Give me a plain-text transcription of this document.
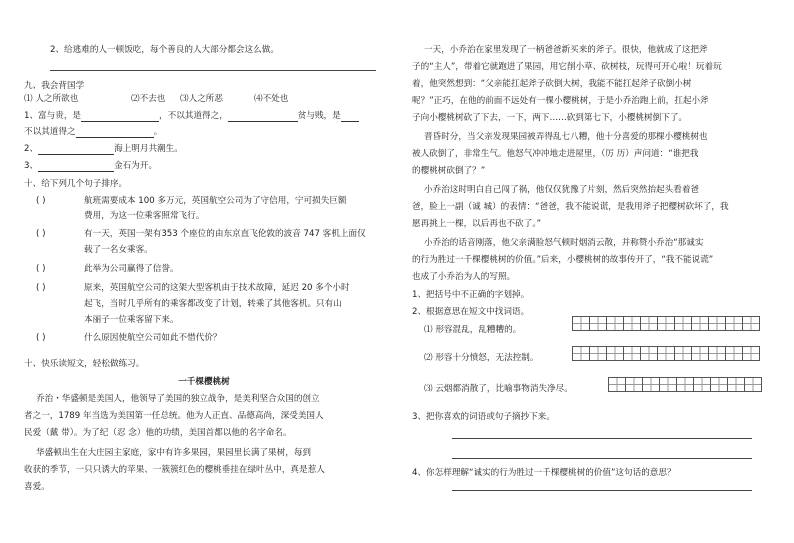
2、给逃难的人一顿饭吃，每个善良的人大部分都会这么做。
九、我会背国学
⑴ 人之所欲也	⑵不去也 ⑶人之所恶	⑷不处也
1、富与贵，是	，不以其道得之，	贫与贱，是
不以其道得之	。
2、	海上明月共潮生。
3、	金石为开。
十、给下列几个句子排序。
( )	航班需要成本 100 多万元，英国航空公司为了守信用，宁可损失巨额
费用，为这一位乘客照常飞行。
( )	有一天，英国一架有353 个座位的由东京直飞伦敦的波音 747 客机上面仅
载了一名女乘客。
( )	此举为公司赢得了信誉。
( )	原来，英国航空公司的这架大型客机由于技术故障，延迟 20 多个小时
起飞，当时几乎所有的乘客都改变了计划，转乘了其他客机。只有山
本丽子一位乘客留下来。
( )	什么原因使航空公司如此不惜代价？
十、快乐读短文，轻松做练习。
一千棵樱桃树
乔治・华盛顿是美国人，他领导了美国的独立战争，是美利坚合众国的创立
者之一，1789 年当选为美国第一任总统。他为人正直、品德高尚，深受美国人
民爱（戴 带）。为了纪（忍 念）他的功绩，美国首都以他的名字命名。
华盛顿出生在大庄园主家庭，家中有许多果园，果园里长满了果树，每到
收获的季节，一只只诱大的苹果、一簇簇红色的樱桃垂挂在绿叶丛中，真是惹人
喜爱。
一天，小乔治在家里发现了一柄爸爸新买来的斧子。很快，他就成了这把斧
子的“主人”，带着它就跑进了果园，用它削小草、砍树枝，玩得可开心啦！玩着玩
着，他突然想到：“父亲能扛起斧子砍倒大树，我能不能扛起斧子砍倒小树
呢？”正巧，在他的前面不远处有一棵小樱桃树，于是小乔治跑上前，扛起小斧
子向小樱桃树砍了下去，一下，两下……砍到第七下，小樱桃树倒下了。
晋昏时分，当父亲发现果园被弄得乱七八糟，他十分喜爱的那棵小樱桃树也
被人砍倒了，非常生气。他怒气冲冲地走进屋里，（厉 历）声问道：“谁把我
的樱桃树砍倒了？”
小乔治这时明白自己闯了祸，他仅仅犹豫了片刻，然后突然抬起头看着爸
爸，脸上一副（诚 城）的表情：“爸爸，我不能说谎，是我用斧子把樱树砍坏了，我
愿再挑上一棵，以后再也不砍了。”
小乔治的话音刚落，他父亲满脸怒气顿时烟消云散，并称赞小乔治“那诚实
的行为胜过一千棵樱桃树的价值。”后来，小樱桃树的故事传开了，“我不能说谎”
也成了小乔治为人的写照。
1、把括号中不正确的字划掉。
2、根据意思在短文中找词语。
⑴ 形容混乱，乱糟糟的。
⑵ 形容十分愤怒，无法控制。
⑶ 云烟都消散了，比喻事物消失净尽。
3、把你喜欢的词语或句子摘抄下来。
4、你怎样理解“诚实的行为胜过一千棵樱桃树的价值”这句话的意思？
